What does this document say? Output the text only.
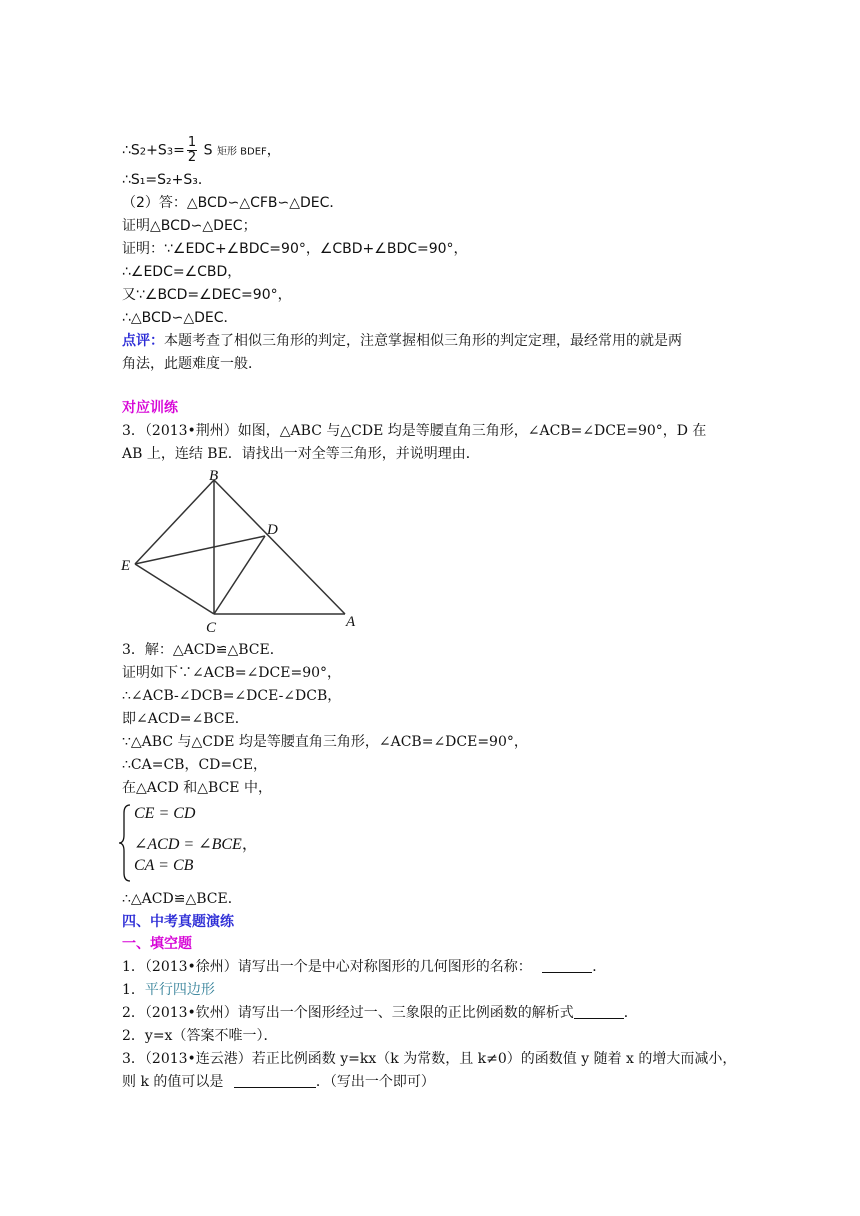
∴S2+S3= $\frac{1}{2}$ S 矩形 BDEF，
∴S₁=S₂+S₃．
（2）答：△BCD∽△CFB∽△DEC．
证明△BCD∽△DEC；
证明：∵∠EDC+∠BDC=90°，∠CBD+∠BDC=90°，
∴∠EDC=∠CBD，
又∵∠BCD=∠DEC=90°，
∴△BCD∽△DEC．
点评：本题考查了相似三角形的判定，注意掌握相似三角形的判定定理，最经常用的就是两
角法，此题难度一般．
对应训练
3．（2013•荆州）如图，△ABC 与△CDE 均是等腰直角三角形，∠ACB=∠DCE=90°，D 在
AB 上，连结 BE．请找出一对全等三角形，并说明理由．
B
D
E
C	A
3．解：△ACD≌△BCE．
证明如下∵∠ACB=∠DCE=90°，
∴∠ACB-∠DCB=∠DCE-∠DCB，
即∠ACD=∠BCE．
∵△ABC 与△CDE 均是等腰直角三角形，∠ACB=∠DCE=90°，
∴CA=CB，CD=CE，
在△ACD 和△BCE 中，
CE = CD
∠ACD = ∠BCE，
CA = CB
∴△ACD≌△BCE．
四、中考真题演练
一、填空题
1．（2013•徐州）请写出一个是中心对称图形的几何图形的名称：	．
1．平行四边形
2．（2013•钦州）请写出一个图形经过一、三象限的正比例函数的解析式	．
2．y=x（答案不唯一）．
3．（2013•连云港）若正比例函数 y=kx（k 为常数，且 k≠0）的函数值 y 随着 x 的增大而减小，
则 k 的值可以是	．（写出一个即可）
